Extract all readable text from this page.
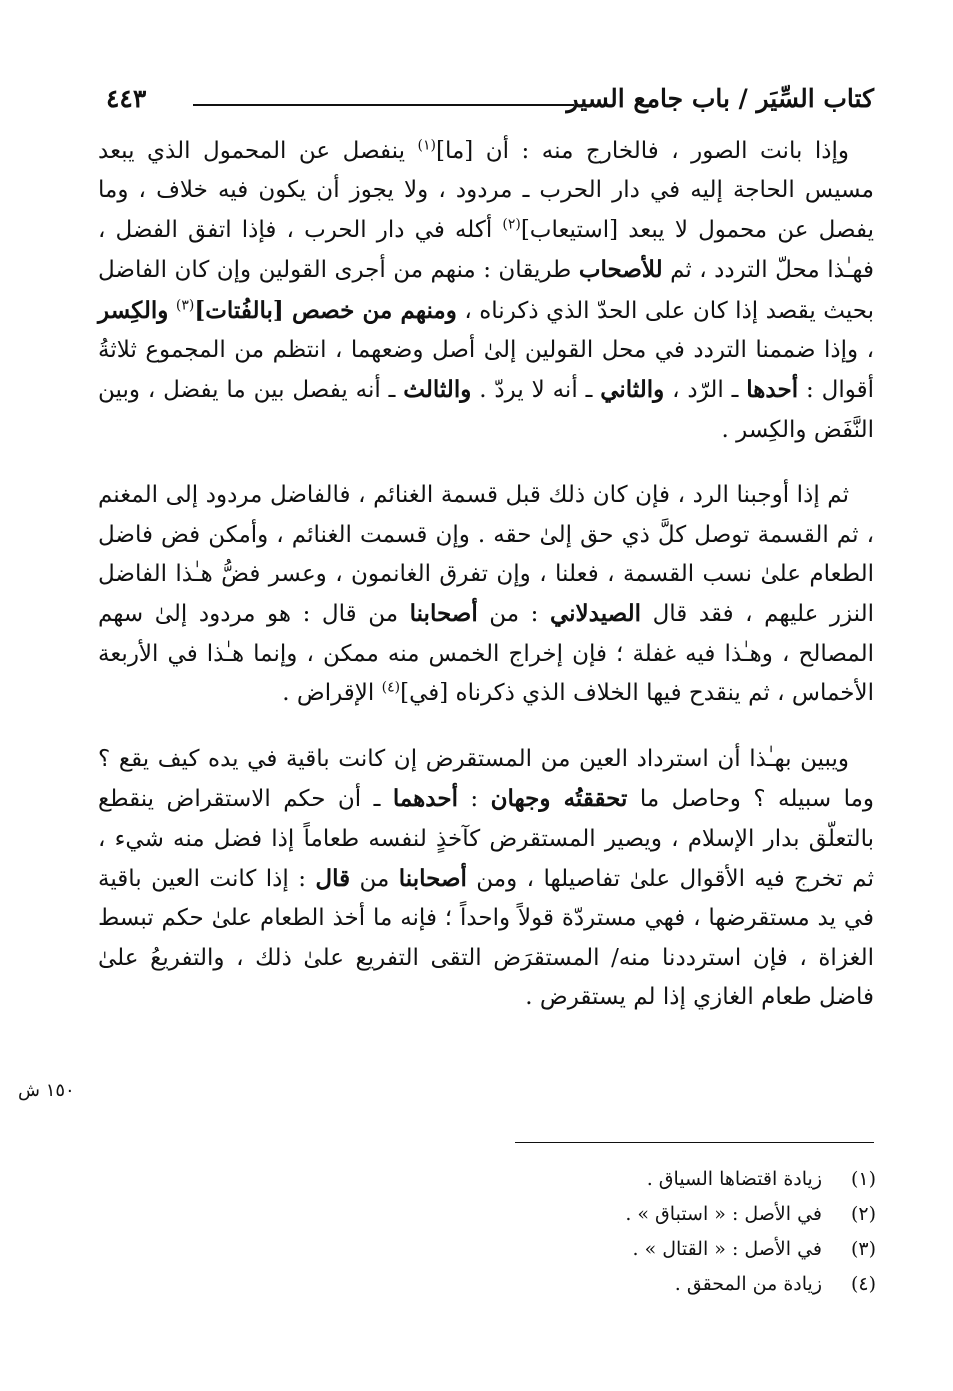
كتاب السِّيَر / باب جامع السير
٤٤٣

وإذا بانت الصور ، فالخارج منه : أن [ما]$^{(١)}$ ينفصل عن المحمول الذي يبعد مسيس الحاجة إليه في دار الحرب ـ مردود ، ولا يجوز أن يكون فيه خلاف ، وما يفصل عن محمول لا يبعد [استيعاب]$^{(٢)}$ أكله في دار الحرب ، فإذا اتفق الفضل ، فهـٰذا محلّ التردد ، ثم للأصحاب طريقان : منهم من أجرى القولين وإن كان الفاضل بحيث يقصد إذا كان على الحدّ الذي ذكرناه ، ومنهم من خصص [بالفُتات]$^{(٣)}$ والكِسر ، وإذا ضممنا التردد في محل القولين إلىٰ أصل وضعهما ، انتظم من المجموع ثلاثةُ أقوال : أحدها ـ الرّد ، والثاني ـ أنه لا يردّ . والثالث ـ أنه يفصل بين ما يفضل ، وبين النَّفَض والكِسر .

ثم إذا أوجبنا الرد ، فإن كان ذلك قبل قسمة الغنائم ، فالفاضل مردود إلى المغنم ، ثم القسمة توصل كلَّ ذي حق إلىٰ حقه . وإن قسمت الغنائم ، وأمكن فض فاضل الطعام علىٰ نسب القسمة ، فعلنا ، وإن تفرق الغانمون ، وعسر فضُّ هـٰذا الفاضل النزر عليهم ، فقد قال الصيدلاني : من أصحابنا من قال : هو مردود إلىٰ سهم المصالح ، وهـٰذا فيه غفلة ؛ فإن إخراج الخمس منه ممكن ، وإنما هـٰذا في الأربعة الأخماس ، ثم ينقدح فيها الخلاف الذي ذكرناه [في]$^{(٤)}$ الإقراض .

ويبين بهـٰذا أن استرداد العين من المستقرض إن كانت باقية في يده كيف يقع ؟ وما سبيله ؟ وحاصل ما تحققتُه وجهان : أحدهما ـ أن حكم الاستقراض ينقطع بالتعلّق بدار الإسلام ، ويصير المستقرض كآخذٍ لنفسه طعاماً إذا فضل منه شيء ، ثم تخرج فيه الأقوال علىٰ تفاصيلها ، ومن أصحابنا من قال : إذا كانت العين باقية في يد مستقرضها ، فهي مستردّة قولاً واحداً ؛ فإنه ما أخذ الطعام علىٰ حكم تبسط الغزاة ، فإن استرددنا منه/ المستقرَض التقى التفريع علىٰ ذلك ، والتفريعُ علىٰ فاضل طعام الغازي إذا لم يستقرض .

١٥٠ ش
(١)
زيادة اقتضاها السياق .
(٢)
في الأصل : « استباق » .
(٣)
في الأصل : « القتال » .
(٤)
زيادة من المحقق .
